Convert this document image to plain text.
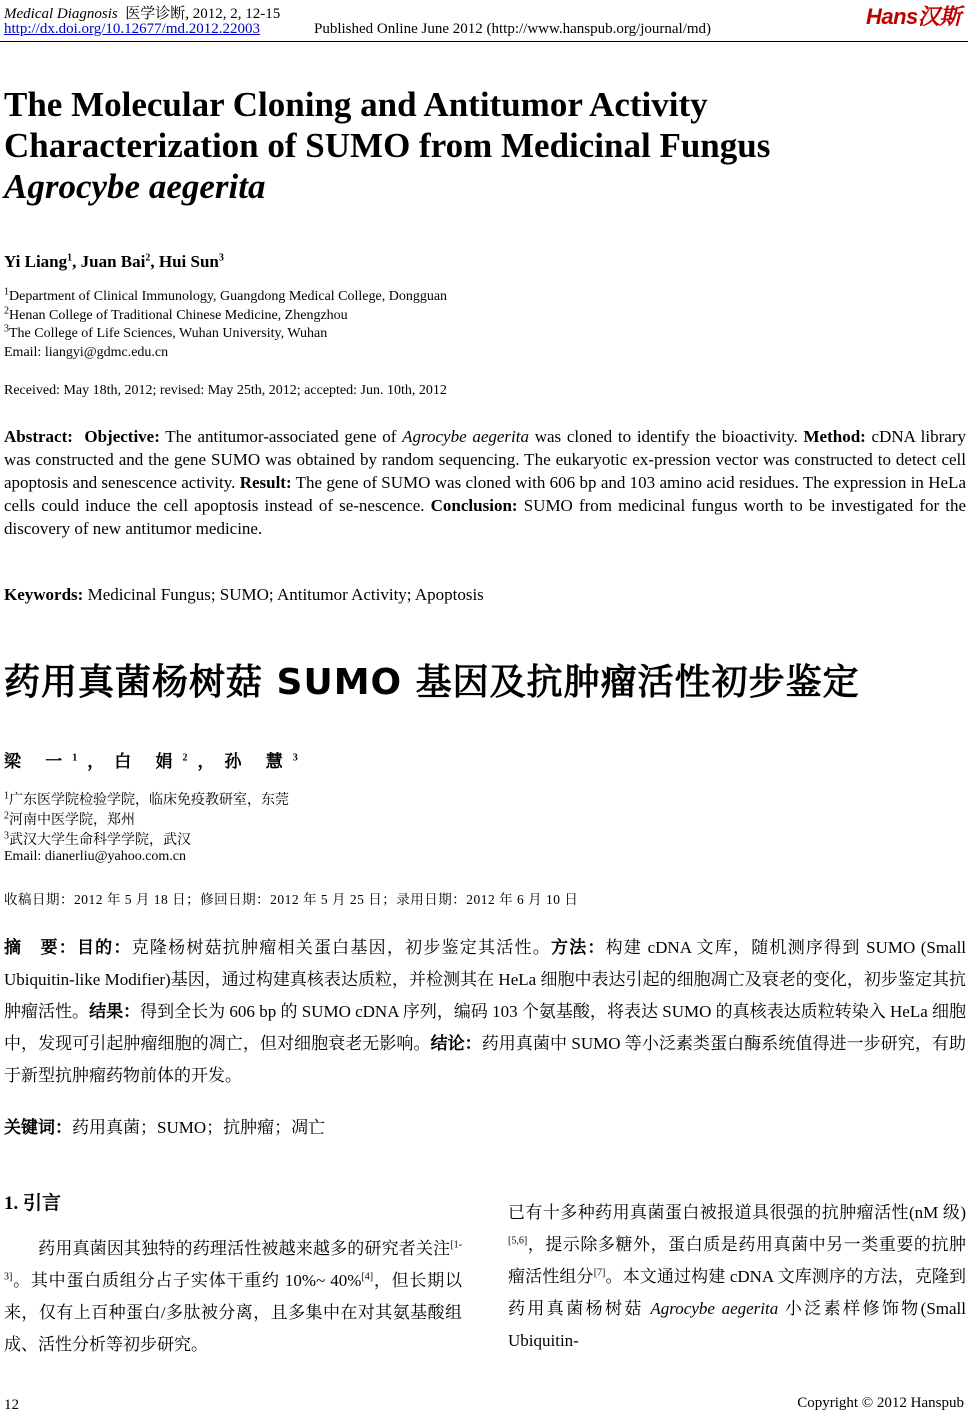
Medical Diagnosis 医学诊断, 2012, 2, 12-15	Hans汉斯
http://dx.doi.org/10.12677/md.2012.22003	Published Online June 2012 (http://www.hanspub.org/journal/md)
The Molecular Cloning and Antitumor Activity
Characterization of SUMO from Medicinal Fungus
Agrocybe aegerita
Yi Liang$^1$, Juan Bai$^2$, Hui Sun$^3$
$^1$Department of Clinical Immunology, Guangdong Medical College, Dongguan
$^2$Henan College of Traditional Chinese Medicine, Zhengzhou
$^3$The College of Life Sciences, Wuhan University, Wuhan
Email: liangyi@gdmc.edu.cn
Received: May 18th, 2012; revised: May 25th, 2012; accepted: Jun. 10th, 2012
Abstract: Objective: The antitumor-associated gene of Agrocybe aegerita was cloned to identify the bioactivity. Method: cDNA library was constructed and the gene SUMO was obtained by random sequencing. The eukaryotic ex-pression vector was constructed to detect cell apoptosis and senescence activity. Result: The gene of SUMO was cloned with 606 bp and 103 amino acid residues. The expression in HeLa cells could induce the cell apoptosis instead of se-nescence. Conclusion: SUMO from medicinal fungus worth to be investigated for the discovery of new antitumor medicine.
Keywords: Medicinal Fungus; SUMO; Antitumor Activity; Apoptosis
药用真菌杨树菇 SUMO 基因及抗肿瘤活性初步鉴定
梁 一$^1$，白 娟$^2$，孙 慧$^3$
$^1$广东医学院检验学院，临床免疫教研室，东莞
$^2$河南中医学院，郑州
$^3$武汉大学生命科学学院，武汉
Email: dianerliu@yahoo.com.cn
收稿日期：2012 年 5 月 18 日；修回日期：2012 年 5 月 25 日；录用日期：2012 年 6 月 10 日
摘　要：目的：克隆杨树菇抗肿瘤相关蛋白基因，初步鉴定其活性。方法：构建 cDNA 文库，随机测序得到 SUMO (Small Ubiquitin-like Modifier)基因，通过构建真核表达质粒，并检测其在 HeLa 细胞中表达引起的细胞凋亡及衰老的变化，初步鉴定其抗肿瘤活性。结果：得到全长为 606 bp 的 SUMO cDNA 序列，编码 103 个氨基酸，将表达 SUMO 的真核表达质粒转染入 HeLa 细胞中，发现可引起肿瘤细胞的凋亡，但对细胞衰老无影响。结论：药用真菌中 SUMO 等小泛素类蛋白酶系统值得进一步研究，有助于新型抗肿瘤药物前体的开发。
关键词：药用真菌；SUMO；抗肿瘤；凋亡
1. 引言
  药用真菌因其独特的药理活性被越来越多的研究者关注[1-3]。其中蛋白质组分占子实体干重约 10%~ 40%[4]，但长期以来，仅有上百种蛋白/多肽被分离，且多集中在对其氨基酸组成、活性分析等初步研究。
已有十多种药用真菌蛋白被报道具很强的抗肿瘤活性(nM 级)[5,6]，提示除多糖外，蛋白质是药用真菌中另一类重要的抗肿瘤活性组分[7]。本文通过构建 cDNA 文库测序的方法，克隆到药用真菌杨树菇 Agrocybe aegerita 小泛素样修饰物(Small Ubiquitin-
12	Copyright © 2012 Hanspub
